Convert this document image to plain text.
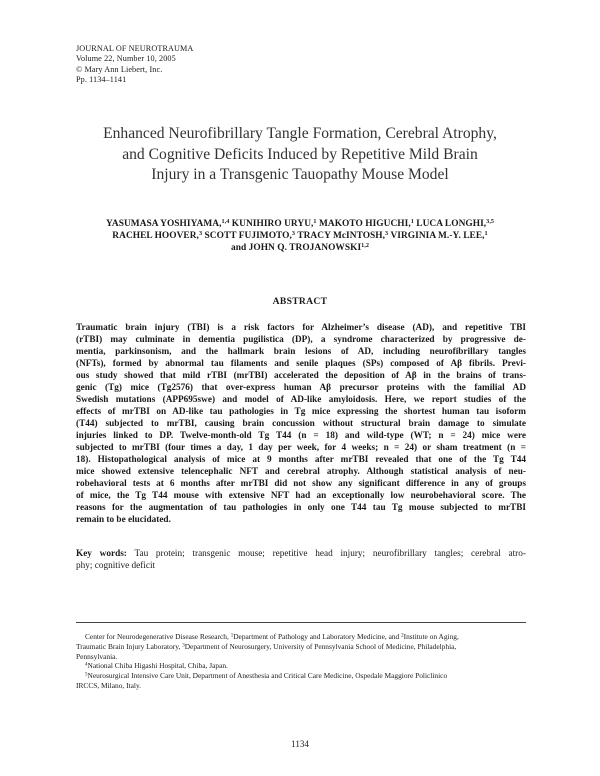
JOURNAL OF NEUROTRAUMA
Volume 22, Number 10, 2005
© Mary Ann Liebert, Inc.
Pp. 1134–1141
Enhanced Neurofibrillary Tangle Formation, Cerebral Atrophy,
and Cognitive Deficits Induced by Repetitive Mild Brain
Injury in a Transgenic Tauopathy Mouse Model
YASUMASA YOSHIYAMA,$^{1,4}$ KUNIHIRO URYU,$^1$ MAKOTO HIGUCHI,$^1$ LUCA LONGHI,$^{3,5}$
RACHEL HOOVER,$^3$ SCOTT FUJIMOTO,$^3$ TRACY McINTOSH,$^3$ VIRGINIA M.-Y. LEE,$^1$
and JOHN Q. TROJANOWSKI$^{1,2}$
ABSTRACT
Traumatic brain injury (TBI) is a risk factors for Alzheimer’s disease (AD), and repetitive TBI
(rTBI) may culminate in dementia pugilistica (DP), a syndrome characterized by progressive de-
mentia, parkinsonism, and the hallmark brain lesions of AD, including neurofibrillary tangles
(NFTs), formed by abnormal tau filaments and senile plaques (SPs) composed of Aβ fibrils. Previ-
ous study showed that mild rTBI (mrTBI) accelerated the deposition of Aβ in the brains of trans-
genic (Tg) mice (Tg2576) that over-express human Aβ precursor proteins with the familial AD
Swedish mutations (APP695swe) and model of AD-like amyloidosis. Here, we report studies of the
effects of mrTBI on AD-like tau pathologies in Tg mice expressing the shortest human tau isoform
(T44) subjected to mrTBI, causing brain concussion without structural brain damage to simulate
injuries linked to DP. Twelve-month-old Tg T44 (n = 18) and wild-type (WT; n = 24) mice were
subjected to mrTBI (four times a day, 1 day per week, for 4 weeks; n = 24) or sham treatment (n =
18). Histopathological analysis of mice at 9 months after mrTBI revealed that one of the Tg T44
mice showed extensive telencephalic NFT and cerebral atrophy. Although statistical analysis of neu-
robehavioral tests at 6 months after mrTBI did not show any significant difference in any of groups
of mice, the Tg T44 mouse with extensive NFT had an exceptionally low neurobehavioral score. The
reasons for the augmentation of tau pathologies in only one T44 tau Tg mouse subjected to mrTBI
remain to be elucidated.
Key words: Tau protein; transgenic mouse; repetitive head injury; neurofibrillary tangles; cerebral atro-
phy; cognitive deficit
Center for Neurodegenerative Disease Research, $^1$Department of Pathology and Laboratory Medicine, and $^2$Institute on Aging,
Traumatic Brain Injury Laboratory, $^3$Department of Neurosurgery, University of Pennsylvania School of Medicine, Philadelphia,
Pennsylvania.
$^4$National Chiba Higashi Hospital, Chiba, Japan.
$^5$Neurosurgical Intensive Care Unit, Department of Anesthesia and Critical Care Medicine, Ospedale Maggiore Policlinico
IRCCS, Milano, Italy.
1134
